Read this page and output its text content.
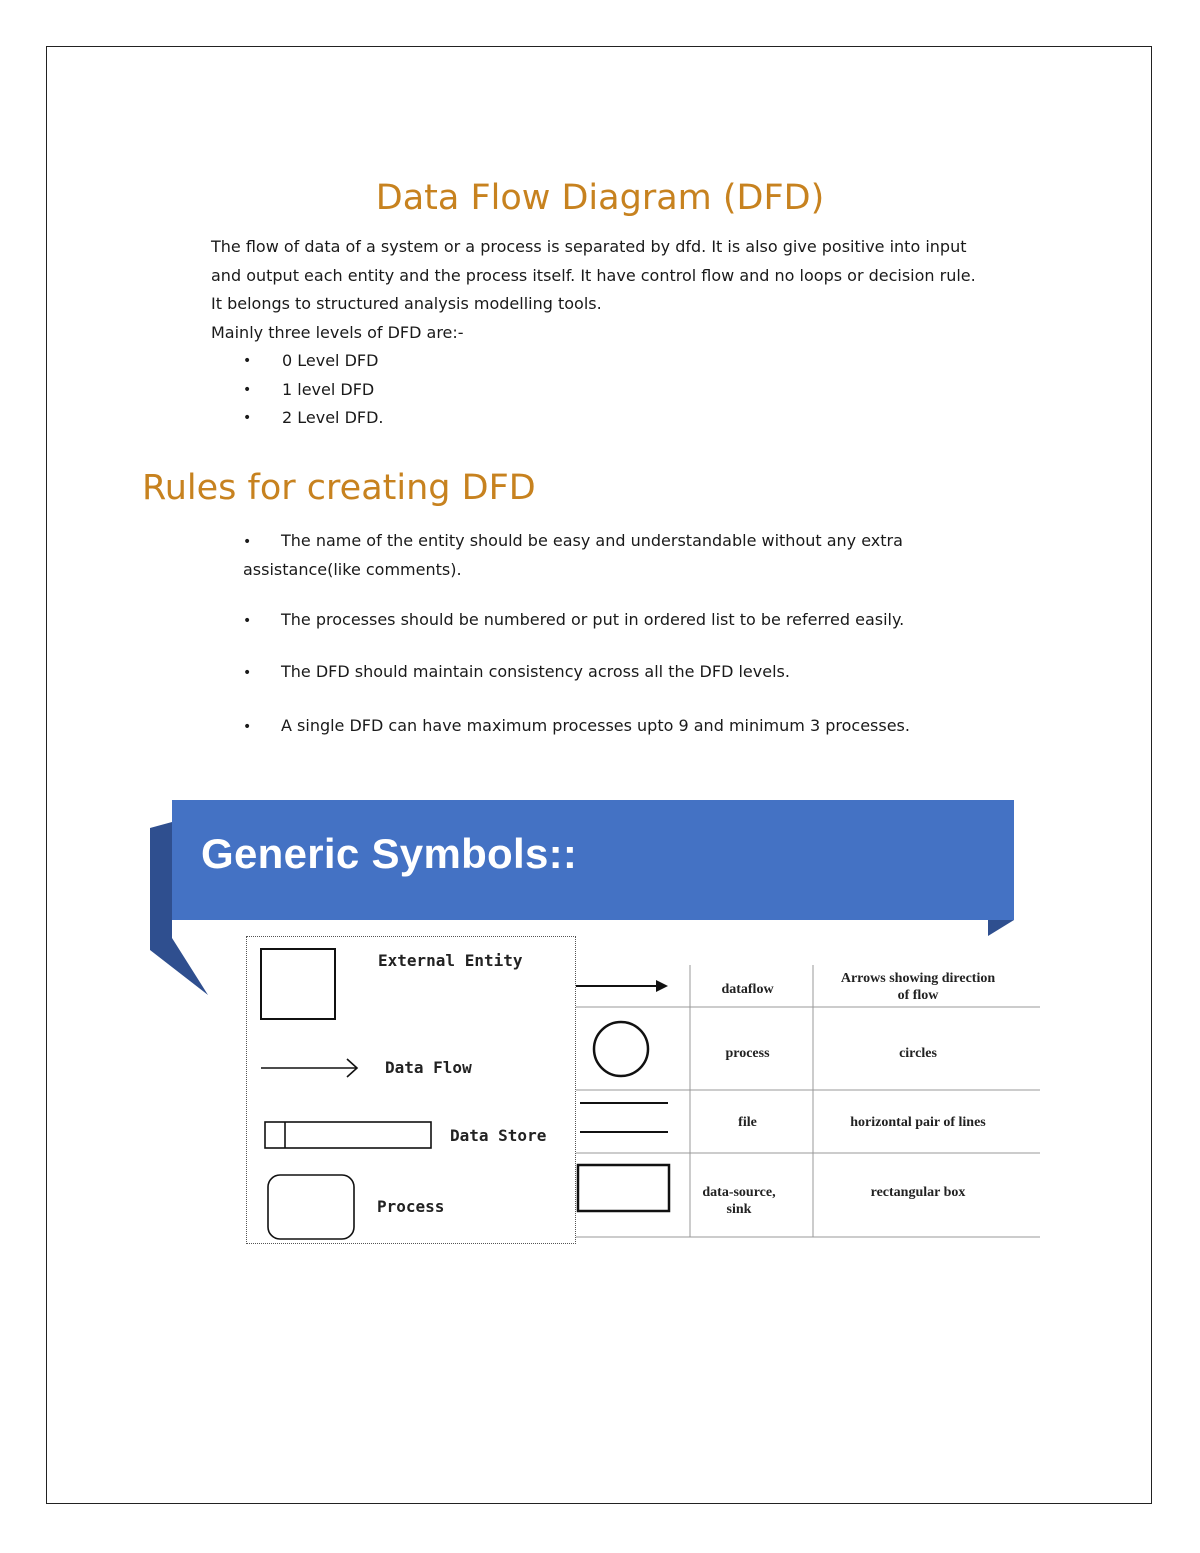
Data Flow Diagram (DFD)

The flow of data of a system or a process is separated by dfd. It is also give positive into input

and output each entity and the process itself. It have control flow and no loops or decision rule.

It belongs to structured analysis modelling tools.

Mainly three levels of DFD are:-

• 0 Level DFD
• 1 level DFD
• 2 Level DFD.
Rules for creating DFD
• The name of the entity should be easy and understandable without any extra assistance(like comments).
• The processes should be numbered or put in ordered list to be referred easily.
• The DFD should maintain consistency across all the DFD levels.
• A single DFD can have maximum processes upto 9 and minimum 3 processes.
Generic Symbols::
dataflow
Arrows showing direction of flow
process	circles
file	horizontal pair of lines
data-source, sink
rectangular box
External Entity
Data Flow
Data Store
Process
